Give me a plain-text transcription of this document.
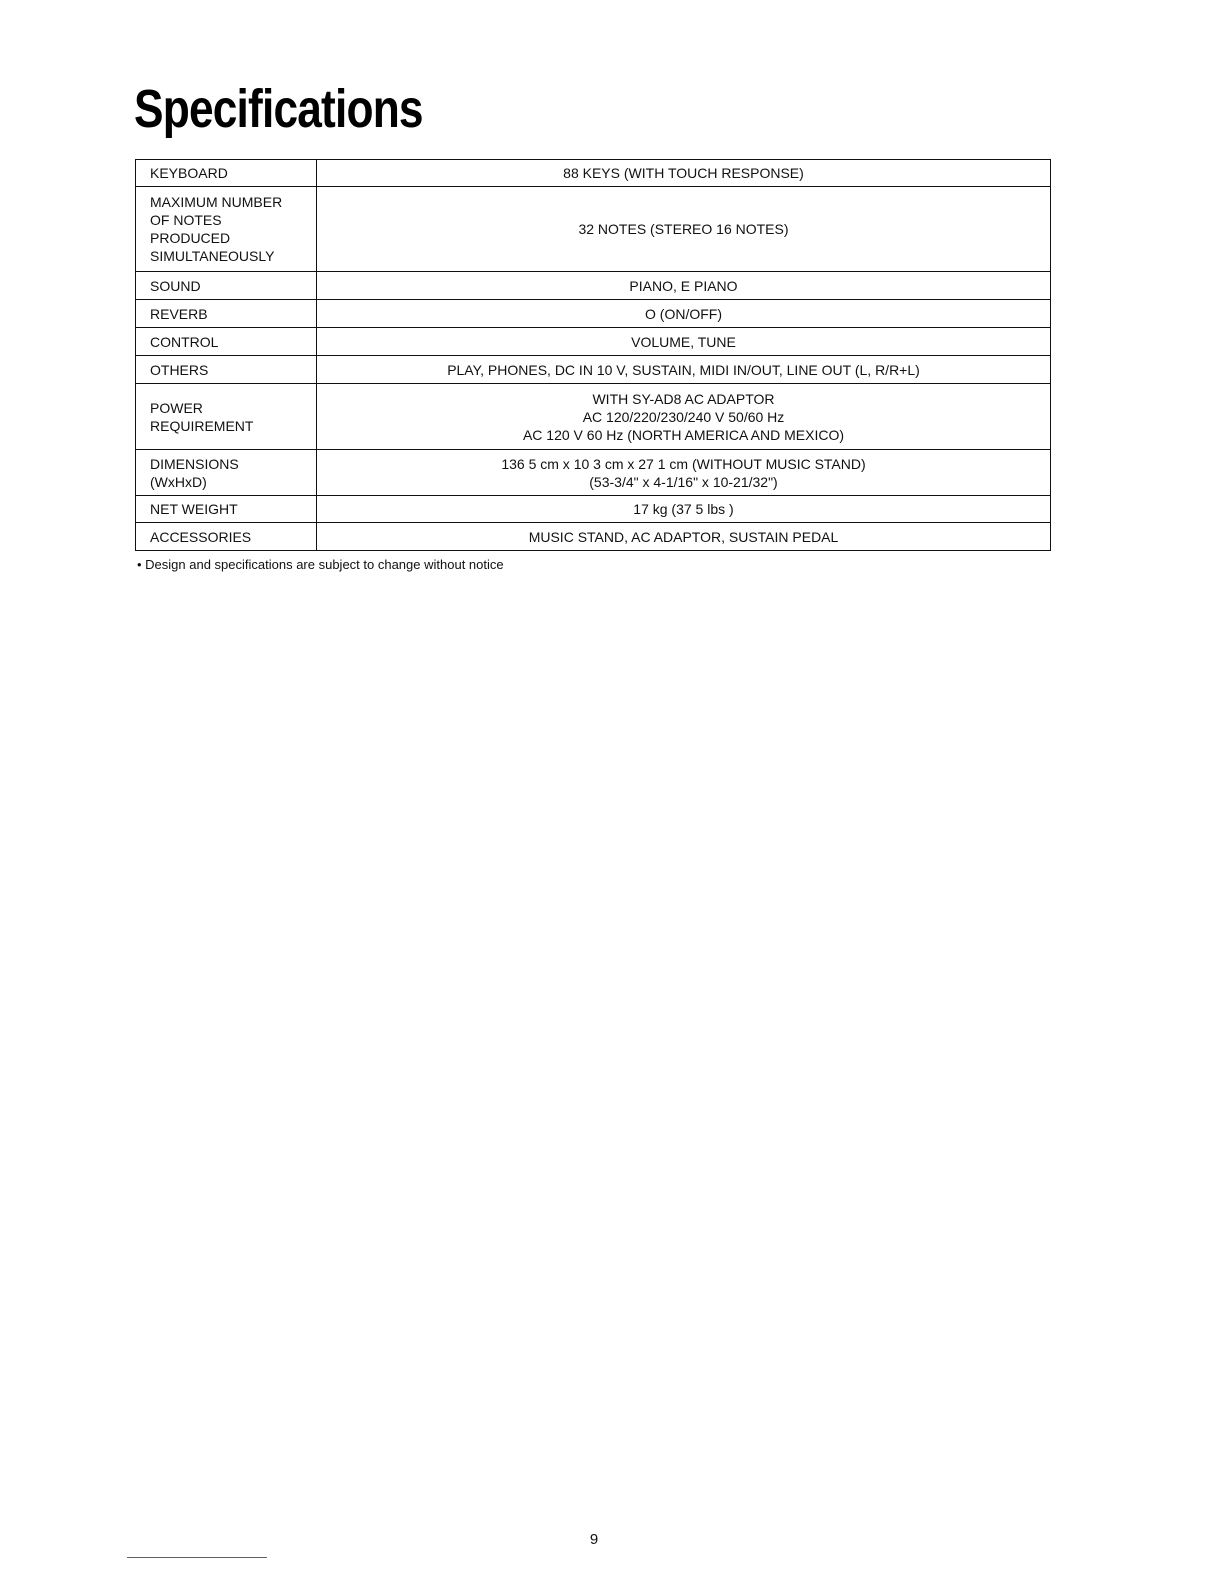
Specifications
KEYBOARD	88 KEYS (WITH TOUCH RESPONSE)

MAXIMUM NUMBER
OF NOTES
PRODUCED
SIMULTANEOUSLY	32 NOTES (STEREO 16 NOTES)
SOUND	PIANO, E PIANO
REVERB	O (ON/OFF)
CONTROL	VOLUME, TUNE
OTHERS	PLAY, PHONES, DC IN 10 V, SUSTAIN, MIDI IN/OUT, LINE OUT (L, R/R+L)

POWER
REQUIREMENT	WITH SY-AD8 AC ADAPTOR
AC 120/220/230/240 V 50/60 Hz
AC 120 V 60 Hz (NORTH AMERICA AND MEXICO)

DIMENSIONS
(WxHxD)	136 5 cm x 10 3 cm x 27 1 cm (WITHOUT MUSIC STAND)
(53-3/4" x 4-1/16" x 10-21/32")

NET WEIGHT	17 kg (37 5 lbs )
ACCESSORIES	MUSIC STAND, AC ADAPTOR, SUSTAIN PEDAL

• Design and specifications are subject to change without notice

9
